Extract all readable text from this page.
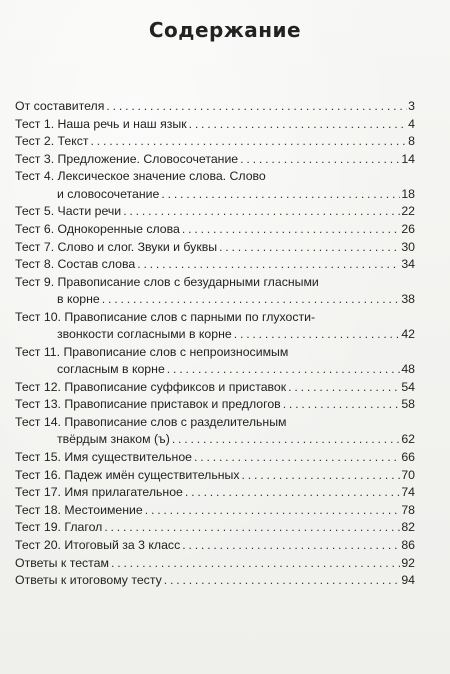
Содержание
От составителя . . .	3
Тест 1. Наша речь и наш язык . . .	4
Тест 2. Текст . . .	8
Тест 3. Предложение. Словосочетание . . .	14
Тест 4. Лексическое значение слова. Слово
и словосочетание . . .	18
Тест 5. Части речи . . .	22
Тест 6. Однокоренные слова . . .	26
Тест 7. Слово и слог. Звуки и буквы . . .	30
Тест 8. Состав слова . . .	34
Тест 9. Правописание слов с безударными гласными
в корне . . .	38
Тест 10. Правописание слов с парными по глухости-
звонкости согласными в корне . . .	42
Тест 11. Правописание слов с непроизносимым
согласным в корне . . .	48
Тест 12. Правописание суффиксов и приставок . . .	54
Тест 13. Правописание приставок и предлогов . . .	58
Тест 14. Правописание слов с разделительным
твёрдым знаком (ъ) . . .	62
Тест 15. Имя существительное . . .	66
Тест 16. Падеж имён существительных . . .	70
Тест 17. Имя прилагательное . . .	74
Тест 18. Местоимение . . .	78
Тест 19. Глагол . . .	82
Тест 20. Итоговый за 3 класс . . .	86
Ответы к тестам . . .	92
Ответы к итоговому тесту . . .	94
